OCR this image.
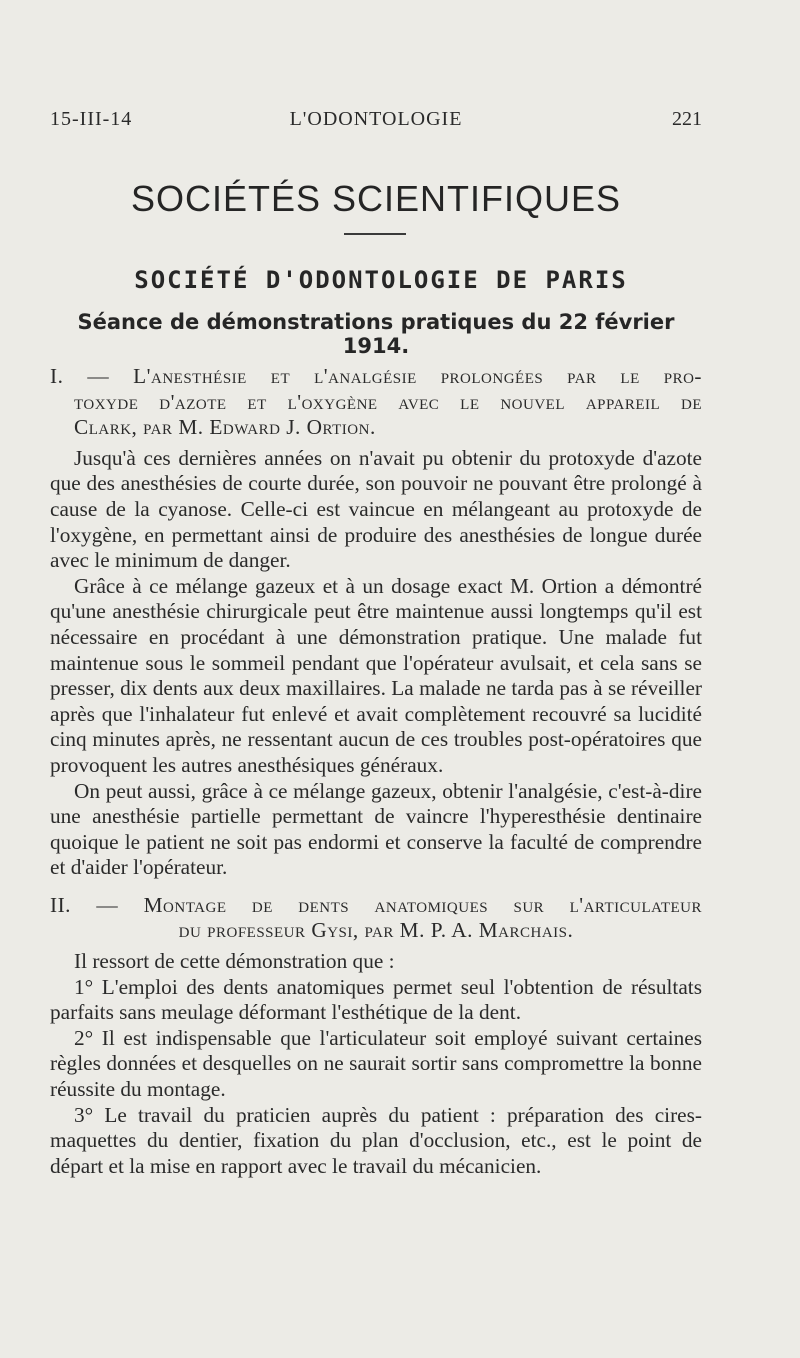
15-III-14	L'ODONTOLOGIE	221
SOCIÉTÉS SCIENTIFIQUES
SOCIÉTÉ D'ODONTOLOGIE DE PARIS
Séance de démonstrations pratiques du 22 février 1914.
I. — L'anesthésie et l'analgésie prolongées par le pro-
toxyde d'azote et l'oxygène avec le nouvel appareil de
Clark, par M. Edward J. Ortion.

Jusqu'à ces dernières années on n'avait pu obtenir du protoxyde d'azote que des anesthésies de courte durée, son pouvoir ne pouvant être prolongé à cause de la cyanose. Celle-ci est vaincue en mélangeant au protoxyde de l'oxygène, en permettant ainsi de produire des anesthésies de longue durée avec le minimum de danger.

Grâce à ce mélange gazeux et à un dosage exact M. Ortion a démontré qu'une anesthésie chirurgicale peut être maintenue aussi longtemps qu'il est nécessaire en procédant à une démonstration pratique. Une malade fut maintenue sous le sommeil pendant que l'opérateur avulsait, et cela sans se presser, dix dents aux deux maxillaires. La malade ne tarda pas à se réveiller après que l'inhalateur fut enlevé et avait complètement recouvré sa lucidité cinq minutes après, ne ressentant aucun de ces troubles post-opératoires que provoquent les autres anesthésiques généraux.

On peut aussi, grâce à ce mélange gazeux, obtenir l'analgésie, c'est-à-dire une anesthésie partielle permettant de vaincre l'hyperesthésie dentinaire quoique le patient ne soit pas endormi et conserve la faculté de comprendre et d'aider l'opérateur.

II. — Montage de dents anatomiques sur l'articulateur
du professeur Gysi, par M. P. A. Marchais.

Il ressort de cette démonstration que :

1° L'emploi des dents anatomiques permet seul l'obtention de résultats parfaits sans meulage déformant l'esthétique de la dent.

2° Il est indispensable que l'articulateur soit employé suivant certaines règles données et desquelles on ne saurait sortir sans compromettre la bonne réussite du montage.

3° Le travail du praticien auprès du patient : préparation des cires-maquettes du dentier, fixation du plan d'occlusion, etc., est le point de départ et la mise en rapport avec le travail du mécanicien.
